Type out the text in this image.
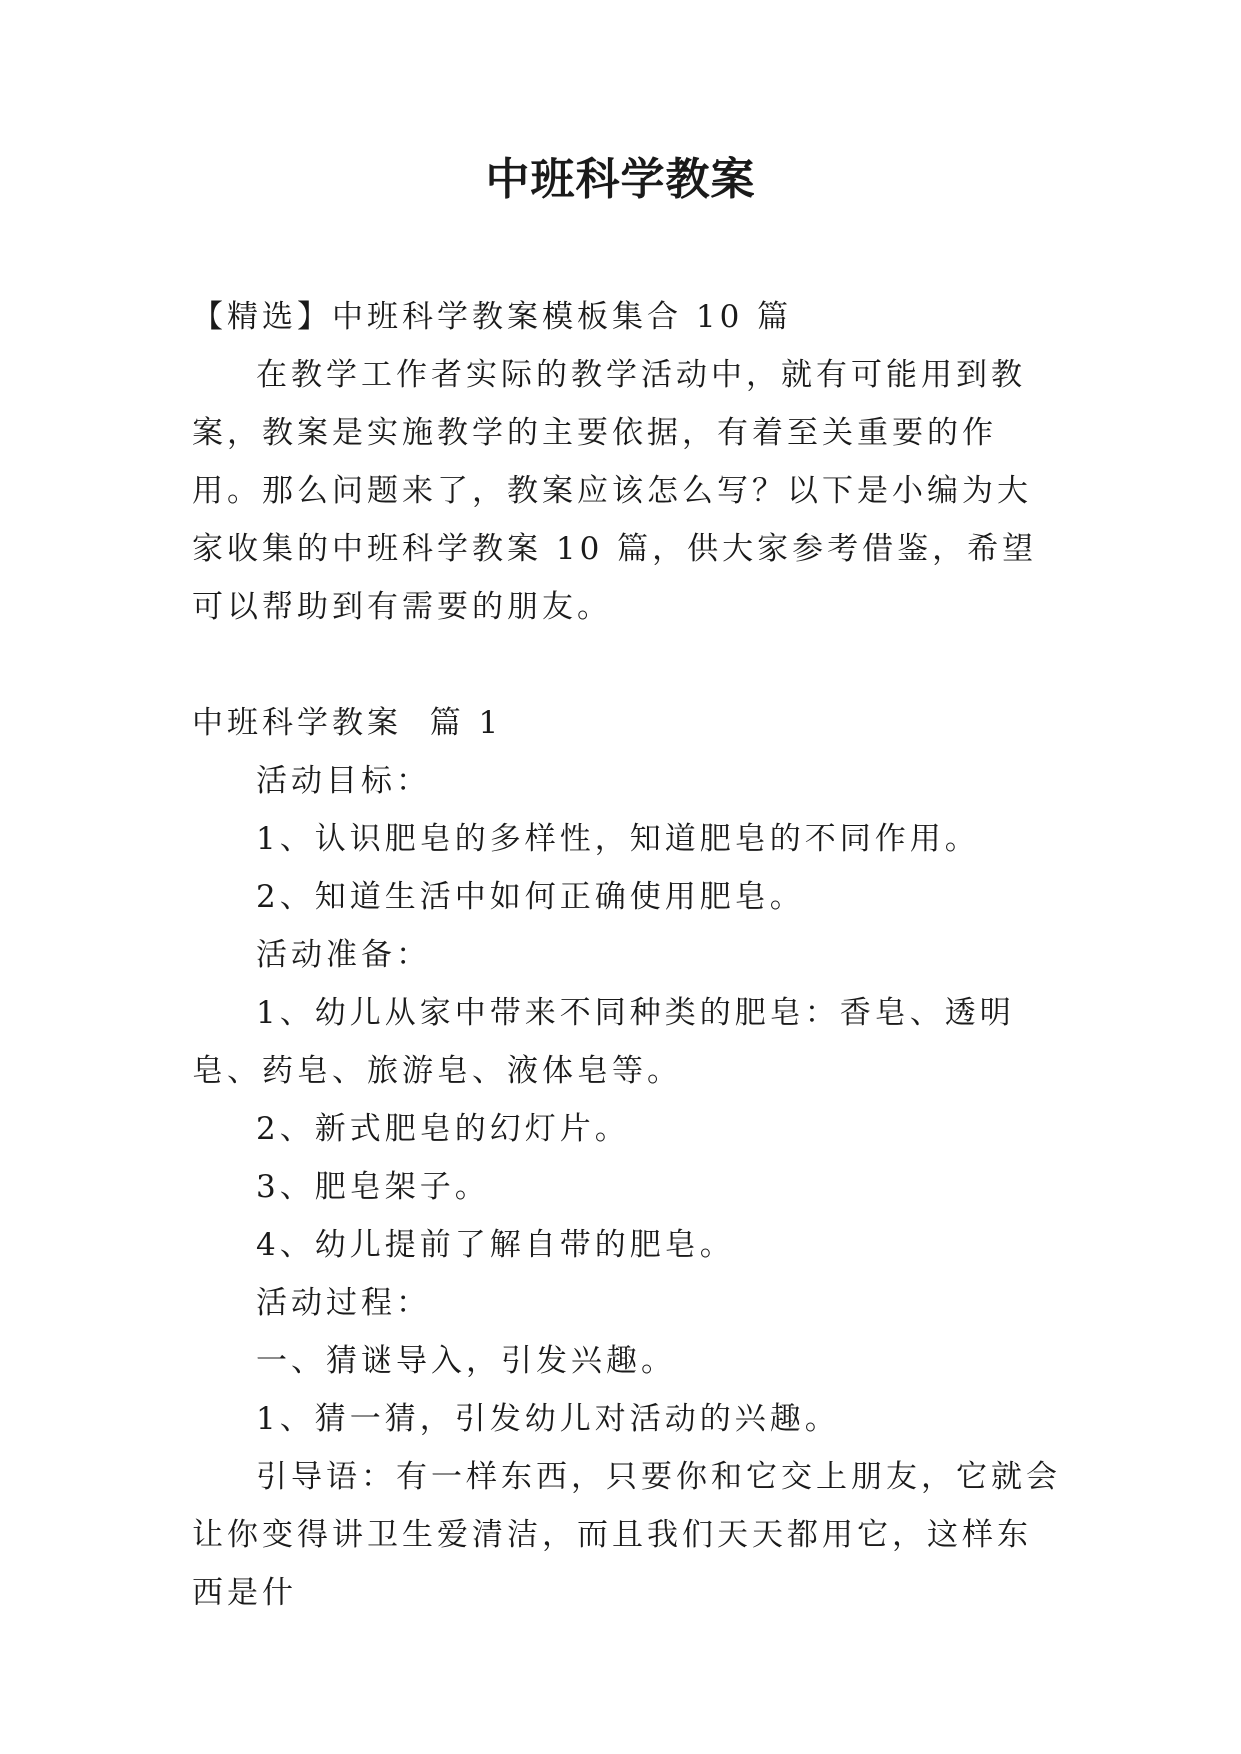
中班科学教案

【精选】中班科学教案模板集合 10 篇

在教学工作者实际的教学活动中，就有可能用到教案，教案是实施教学的主要依据，有着至关重要的作用。那么问题来了，教案应该怎么写？以下是小编为大家收集的中班科学教案 10 篇，供大家参考借鉴，希望可以帮助到有需要的朋友。

中班科学教案  篇 1

活动目标：

1、认识肥皂的多样性，知道肥皂的不同作用。

2、知道生活中如何正确使用肥皂。

活动准备：

1、幼儿从家中带来不同种类的肥皂：香皂、透明皂、药皂、旅游皂、液体皂等。

2、新式肥皂的幻灯片。

3、肥皂架子。

4、幼儿提前了解自带的肥皂。

活动过程：

一、猜谜导入，引发兴趣。

1、猜一猜，引发幼儿对活动的兴趣。

引导语：有一样东西，只要你和它交上朋友，它就会让你变得讲卫生爱清洁，而且我们天天都用它，这样东西是什
